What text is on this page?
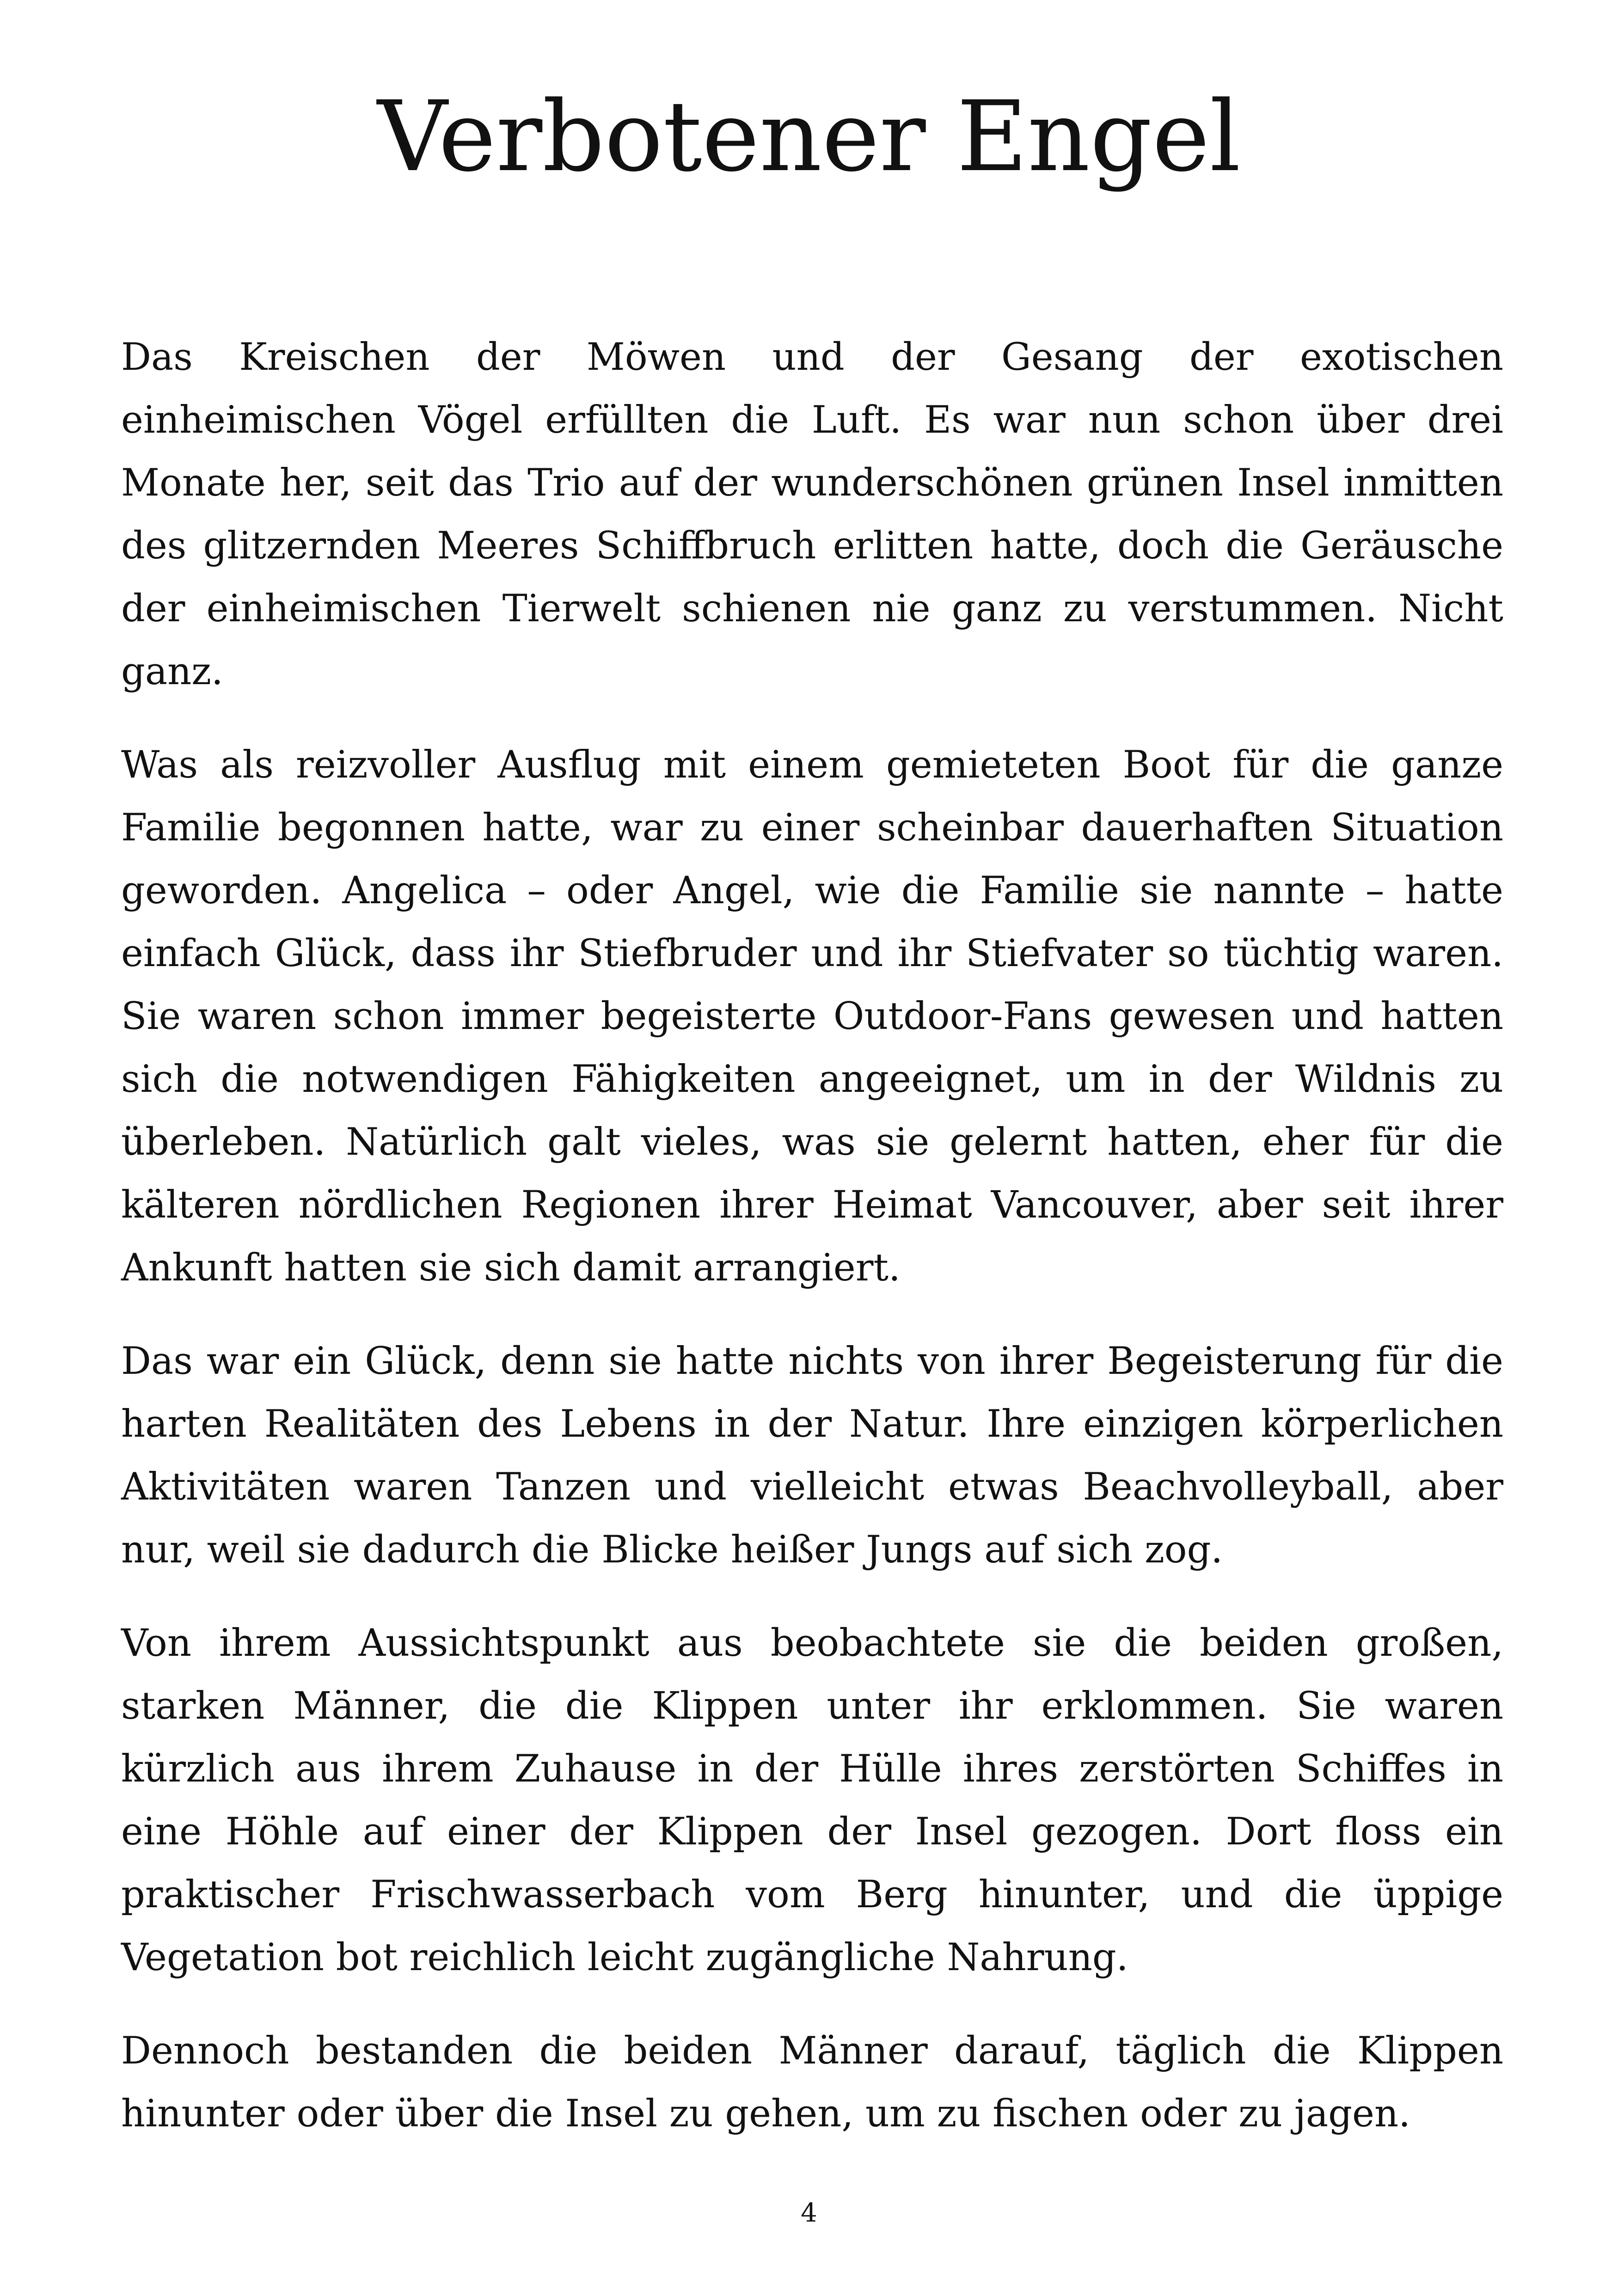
Verbotener Engel

Das Kreischen der Möwen und der Gesang der exotischen einheimischen Vögel erfüllten die Luft. Es war nun schon über drei Monate her, seit das Trio auf der wunderschönen grünen Insel inmitten des glitzernden Meeres Schiffbruch erlitten hatte, doch die Geräusche der einheimischen Tierwelt schienen nie ganz zu verstummen. Nicht ganz.

Was als reizvoller Ausflug mit einem gemieteten Boot für die ganze Familie begonnen hatte, war zu einer scheinbar dauerhaften Situation geworden. Angelica – oder Angel, wie die Familie sie nannte – hatte einfach Glück, dass ihr Stiefbruder und ihr Stiefvater so tüchtig waren. Sie waren schon immer begeisterte Outdoor-Fans gewesen und hatten sich die notwendigen Fähigkeiten angeeignet, um in der Wildnis zu überleben. Natürlich galt vieles, was sie gelernt hatten, eher für die kälteren nördlichen Regionen ihrer Heimat Vancouver, aber seit ihrer Ankunft hatten sie sich damit arrangiert.

Das war ein Glück, denn sie hatte nichts von ihrer Begeisterung für die harten Realitäten des Lebens in der Natur. Ihre einzigen körperlichen Aktivitäten waren Tanzen und vielleicht etwas Beachvolleyball, aber nur, weil sie dadurch die Blicke heißer Jungs auf sich zog.

Von ihrem Aussichtspunkt aus beobachtete sie die beiden großen, starken Männer, die die Klippen unter ihr erklommen. Sie waren kürzlich aus ihrem Zuhause in der Hülle ihres zerstörten Schiffes in eine Höhle auf einer der Klippen der Insel gezogen. Dort floss ein praktischer Frischwasserbach vom Berg hinunter, und die üppige Vegetation bot reichlich leicht zugängliche Nahrung.

Dennoch bestanden die beiden Männer darauf, täglich die Klippen hinunter oder über die Insel zu gehen, um zu fischen oder zu jagen.

4
